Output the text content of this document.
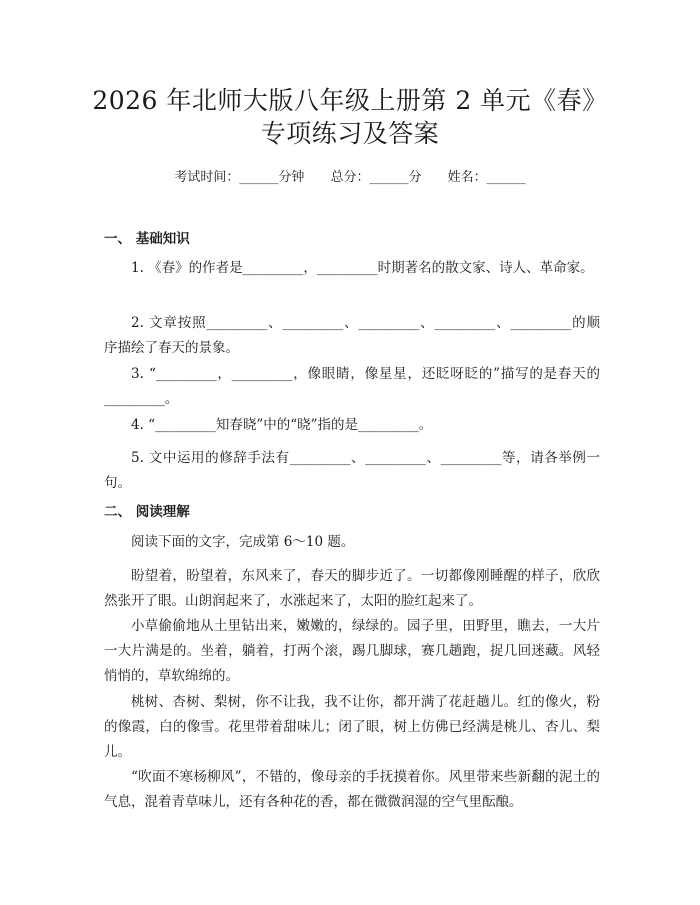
2026 年北师大版八年级上册第 2 单元《春》
专项练习及答案
考试时间：______分钟 总分：______分 姓名：______
一、 基础知识

1. 《春》的作者是_________，_________时期著名的散文家、诗人、革命家。

2. 文章按照_________、_________、_________、_________、_________的顺序描绘了春天的景象。

3. “_________，_________，像眼睛，像星星，还眨呀眨的”描写的是春天的_________。

4. “_________知春晓”中的“晓”指的是_________。

5. 文中运用的修辞手法有_________、_________、_________等，请各举例一句。

二、 阅读理解

阅读下面的文字，完成第 6～10 题。

盼望着，盼望着，东风来了，春天的脚步近了。一切都像刚睡醒的样子，欣欣然张开了眼。山朗润起来了，水涨起来了，太阳的脸红起来了。

小草偷偷地从土里钻出来，嫩嫩的，绿绿的。园子里，田野里，瞧去，一大片一大片满是的。坐着，躺着，打两个滚，踢几脚球，赛几趟跑，捉几回迷藏。风轻悄悄的，草软绵绵的。

桃树、杏树、梨树，你不让我，我不让你，都开满了花赶趟儿。红的像火，粉的像霞，白的像雪。花里带着甜味儿；闭了眼，树上仿佛已经满是桃儿、杏儿、梨儿。

“吹面不寒杨柳风”，不错的，像母亲的手抚摸着你。风里带来些新翻的泥土的气息，混着青草味儿，还有各种花的香，都在微微润湿的空气里酝酿。
